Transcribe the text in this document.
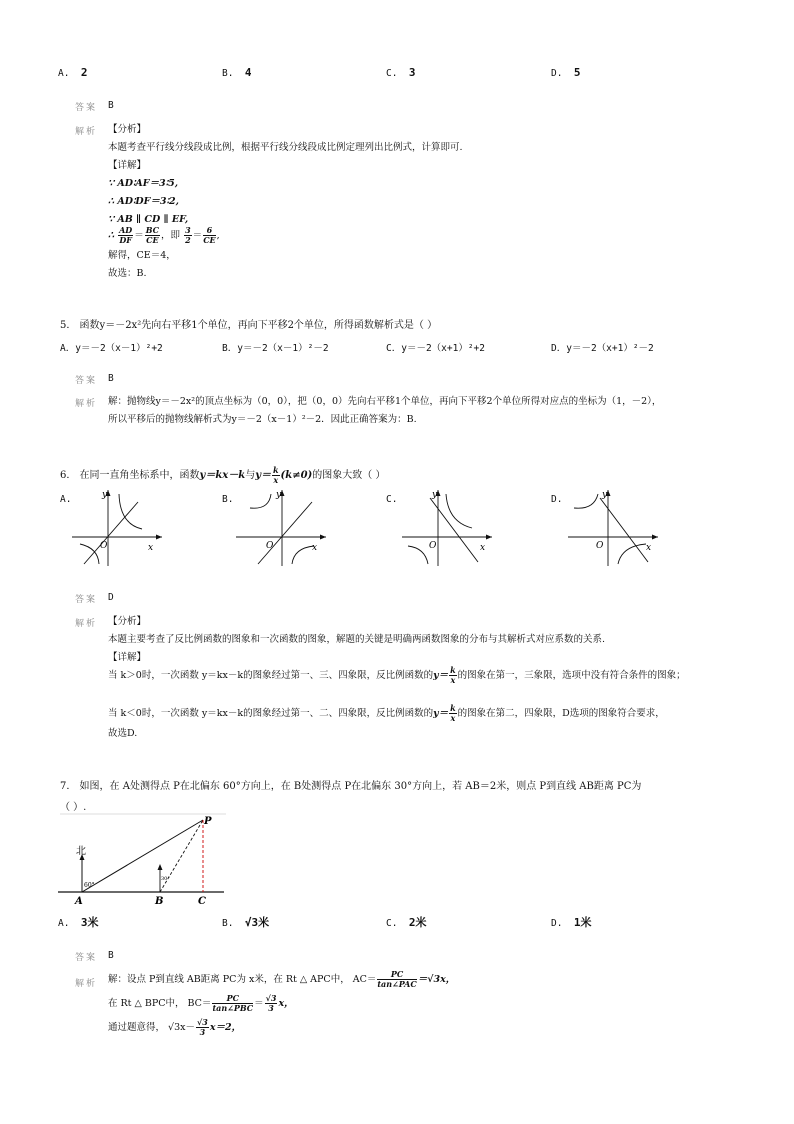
A. 2	B. 4	C. 3	D. 5
答案 B
解析 【分析】
本题考查平行线分线段成比例，根据平行线分线段成比例定理列出比例式，计算即可.
【详解】
∵ AD∶AF＝3∶5,
∴ AD∶DF＝3∶2,
∵ AB ∥ CD ∥ EF,
∴ $\frac{AD}{DF} = \frac{BC}{CE}$ ，即 $\frac{3}{2} = \frac{6}{CE}$ ,
解得，CE＝4，
故选：B.
5． 函数y＝－2x²先向右平移1个单位，再向下平移2个单位，所得函数解析式是（ ）
A．y＝－2（x－1）²+2	B．y＝－2（x－1）²－2	C．y＝－2（x+1）²+2	D．y＝－2（x+1）²－2
答案 B
解析 解：抛物线y＝－2x²的顶点坐标为（0，0），把（0，0）先向右平移1个单位，再向下平移2个单位所得对应点的坐标为（1，－2），
所以平移后的抛物线解析式为y＝－2（x－1）²－2．因此正确答案为：B.
6． 在同一直角坐标系中，函数y＝kx－k与$y= \frac{k}{x} (k\ne 0)$的图象大致（ ）
A.	B.	C.	D.
y
x
O
y
x
O
y
x
O
y
x
O
答案 D
解析 【分析】
本题主要考查了反比例函数的图象和一次函数的图象，解题的关键是明确两函数图象的分布与其解析式对应系数的关系.
【详解】
当 k＞0时，一次函数 y＝kx－k的图象经过第一、三、四象限，反比例函数的$y= \frac{k}{x}$ 的图象在第一，三象限，选项中没有符合条件的图象；
当 k＜0时，一次函数 y＝kx－k的图象经过第一、二、四象限，反比例函数的$y= \frac{k}{x}$ 的图象在第二，四象限，D选项的图象符合要求，
故选D.
7． 如图，在 A处测得点 P在北偏东 60°方向上，在 B处测得点 P在北偏东 30°方向上，若 AB＝2米，则点 P到直线 AB距离 PC为
（ ）.
北
60°
30°
A	B	C
P
A. 3米	B. √3米	C. 2米	D. 1米
答案 B
解析 解：设点 P到直线 AB距离 PC为 x米，在 Rt △ APC中， $AC= \frac{PC}{\text{tan∠PAC}} =√3x$，
在 Rt △ BPC中， $BC= \frac{PC}{\text{tan∠PBC}} = \frac{√3}{3}$ x，
通过题意得， $√3x- \frac{√3}{3} x=2$，
